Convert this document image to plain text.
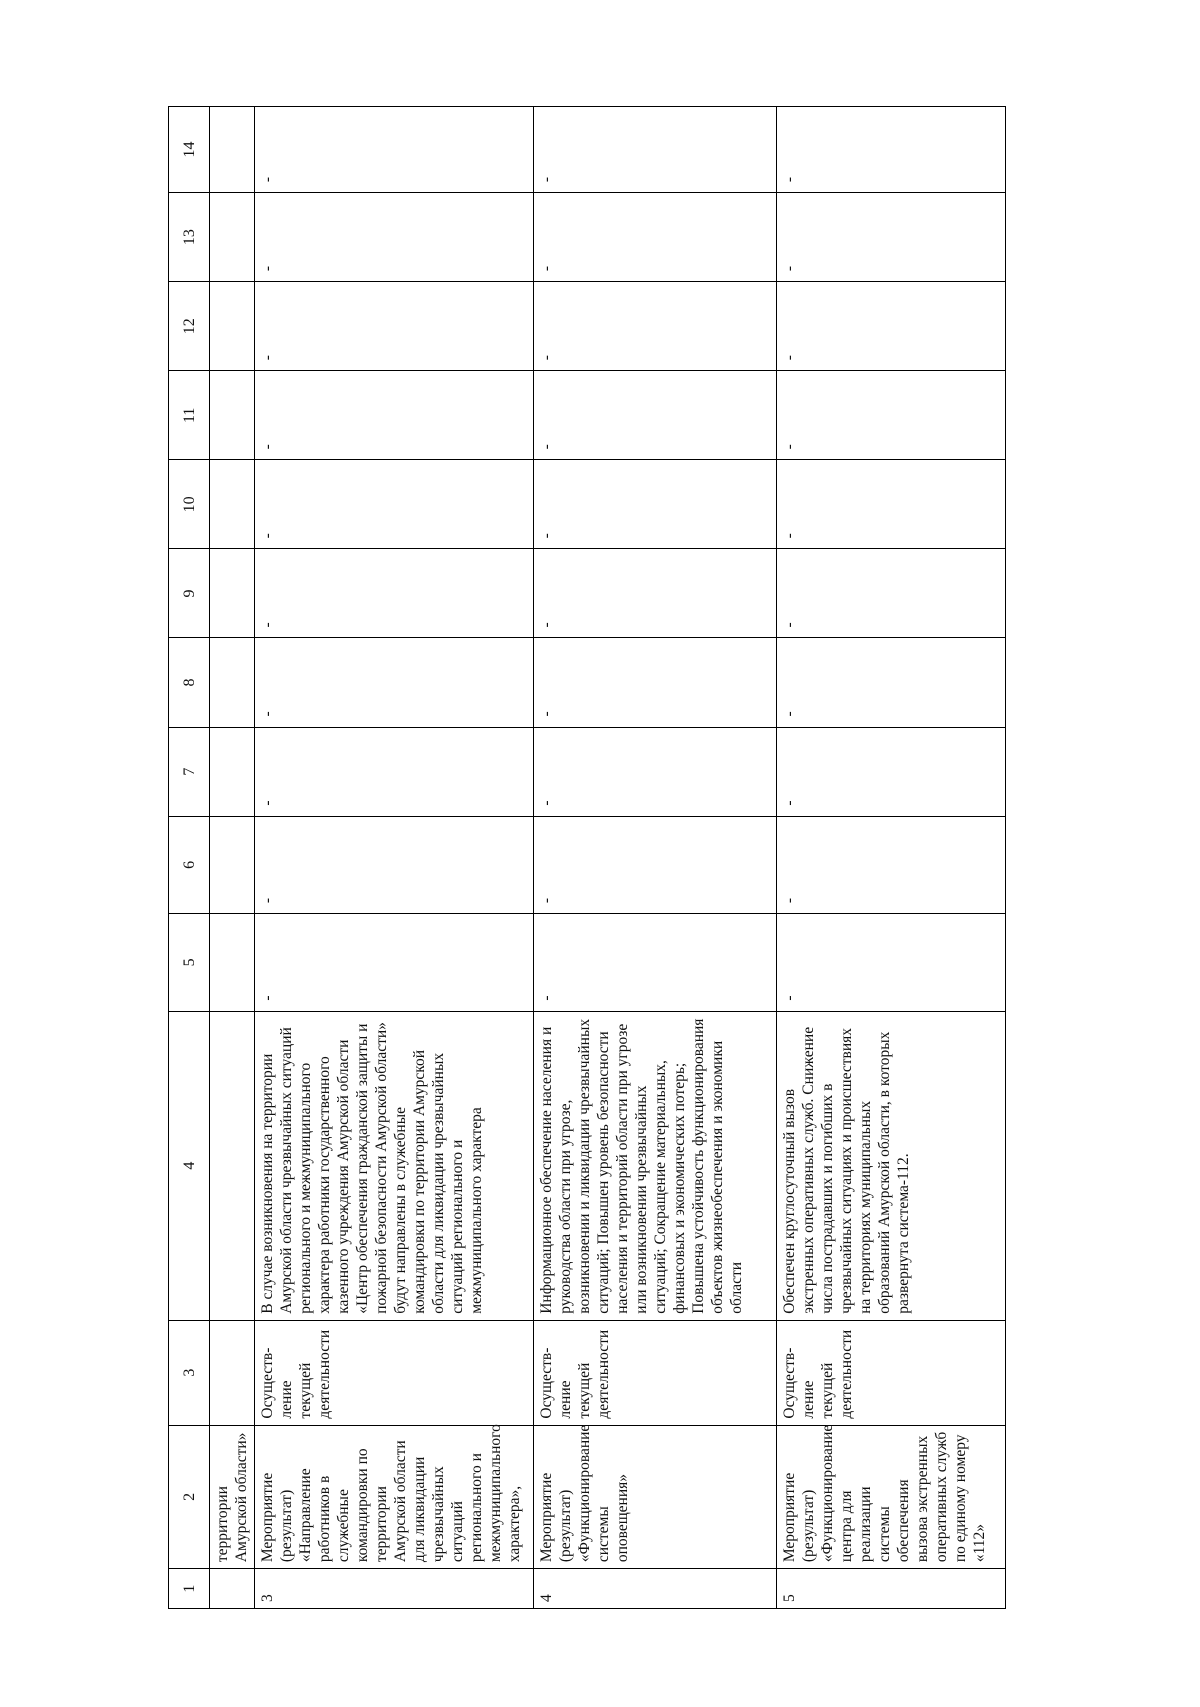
1	2	3	4	5	6	7	8	9	10	11	12	13	14
	территории Амурской области»												
3	Мероприятие (результат) «Направление работников в служебные командировки по территории Амурской области для ликвидации чрезвычайных ситуаций регионального и межмуниципального характера»,	Осуществ-ление текущей деятельности	В случае возникновения на территории Амурской области чрезвычайных ситуаций регионального и межмуниципального характера работники государственного казенного учреждения Амурской области «Центр обеспечения гражданской защиты и пожарной безопасности Амурской области» будут направлены в служебные командировки по территории Амурской области для ликвидации чрезвычайных ситуаций регионального и межмуниципального характера	-	-	-	-	-	-	-	-	-	-

4	Мероприятие (результат) «Функционирование системы оповещения»	Осуществ-ление текущей деятельности	Информационное обеспечение населения и руководства области при угрозе, возникновении и ликвидации чрезвычайных ситуаций; Повышен уровень безопасности населения и территорий области при угрозе или возникновении чрезвычайных ситуаций; Сокращение материальных, финансовых и экономических потерь; Повышена устойчивость функционирования объектов жизнеобеспечения и экономики области	-	-	-	-	-	-	-	-	-	-

5	Мероприятие (результат) «Функционирование центра для реализации системы обеспечения вызова экстренных оперативных служб по единому номеру «112»	Осуществ-ление текущей деятельности	Обеспечен круглосуточный вызов экстренных оперативных служб. Снижение числа пострадавших и погибших в чрезвычайных ситуациях и происшествиях на территориях муниципальных образований Амурской области, в которых развернута система-112.	-	-	-	-	-	-	-	-	-	-
